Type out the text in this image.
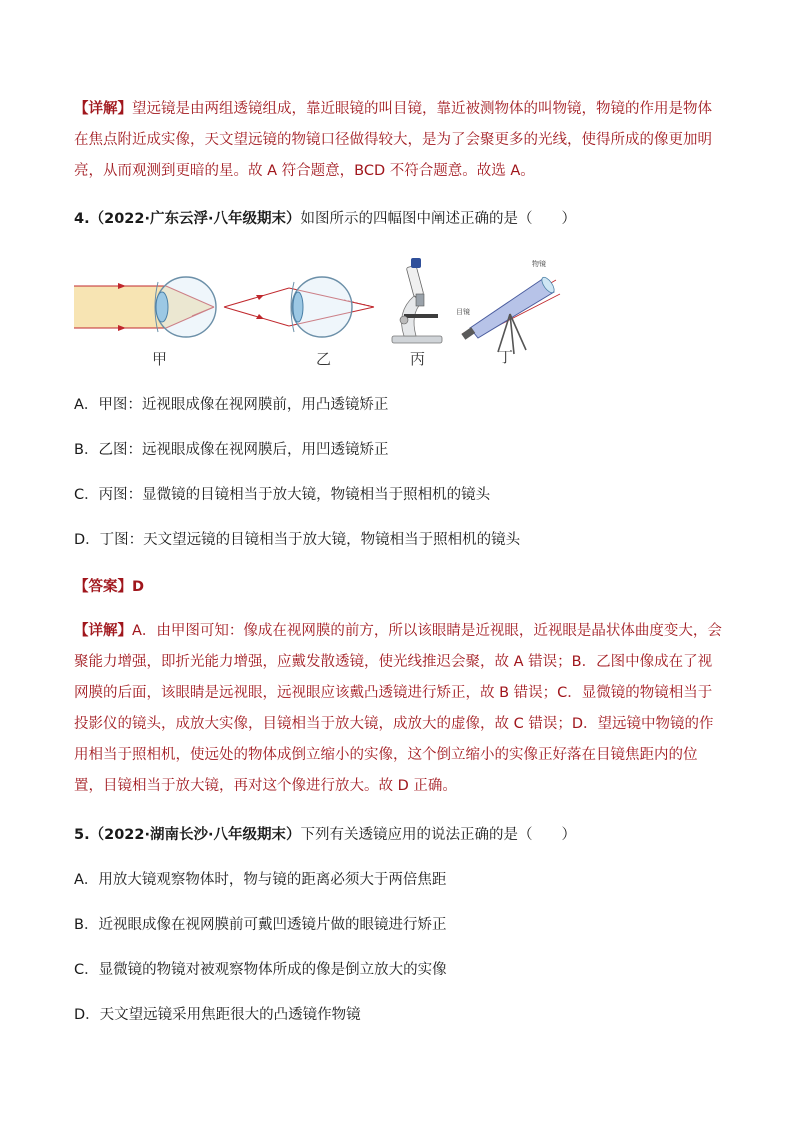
【详解】望远镜是由两组透镜组成，靠近眼镜的叫目镜，靠近被测物体的叫物镜，物镜的作用是物体在焦点附近成实像，天文望远镜的物镜口径做得较大，是为了会聚更多的光线，使得所成的像更加明亮，从而观测到更暗的星。故 A 符合题意，BCD 不符合题意。故选 A。

4.（2022·广东云浮·八年级期末）如图所示的四幅图中阐述正确的是（　　）

甲	乙	丙
物镜
目镜
丁

A．甲图：近视眼成像在视网膜前，用凸透镜矫正

B．乙图：远视眼成像在视网膜后，用凹透镜矫正

C．丙图：显微镜的目镜相当于放大镜，物镜相当于照相机的镜头

D．丁图：天文望远镜的目镜相当于放大镜，物镜相当于照相机的镜头

【答案】D

【详解】A．由甲图可知：像成在视网膜的前方，所以该眼睛是近视眼，近视眼是晶状体曲度变大，会聚能力增强，即折光能力增强，应戴发散透镜，使光线推迟会聚，故 A 错误；B．乙图中像成在了视网膜的后面，该眼睛是远视眼，远视眼应该戴凸透镜进行矫正，故 B 错误；C．显微镜的物镜相当于投影仪的镜头，成放大实像，目镜相当于放大镜，成放大的虚像，故 C 错误；D．望远镜中物镜的作用相当于照相机，使远处的物体成倒立缩小的实像，这个倒立缩小的实像正好落在目镜焦距内的位置，目镜相当于放大镜，再对这个像进行放大。故 D 正确。

5.（2022·湖南长沙·八年级期末）下列有关透镜应用的说法正确的是（　　）

A．用放大镜观察物体时，物与镜的距离必须大于两倍焦距

B．近视眼成像在视网膜前可戴凹透镜片做的眼镜进行矫正

C．显微镜的物镜对被观察物体所成的像是倒立放大的实像

D．天文望远镜采用焦距很大的凸透镜作物镜
